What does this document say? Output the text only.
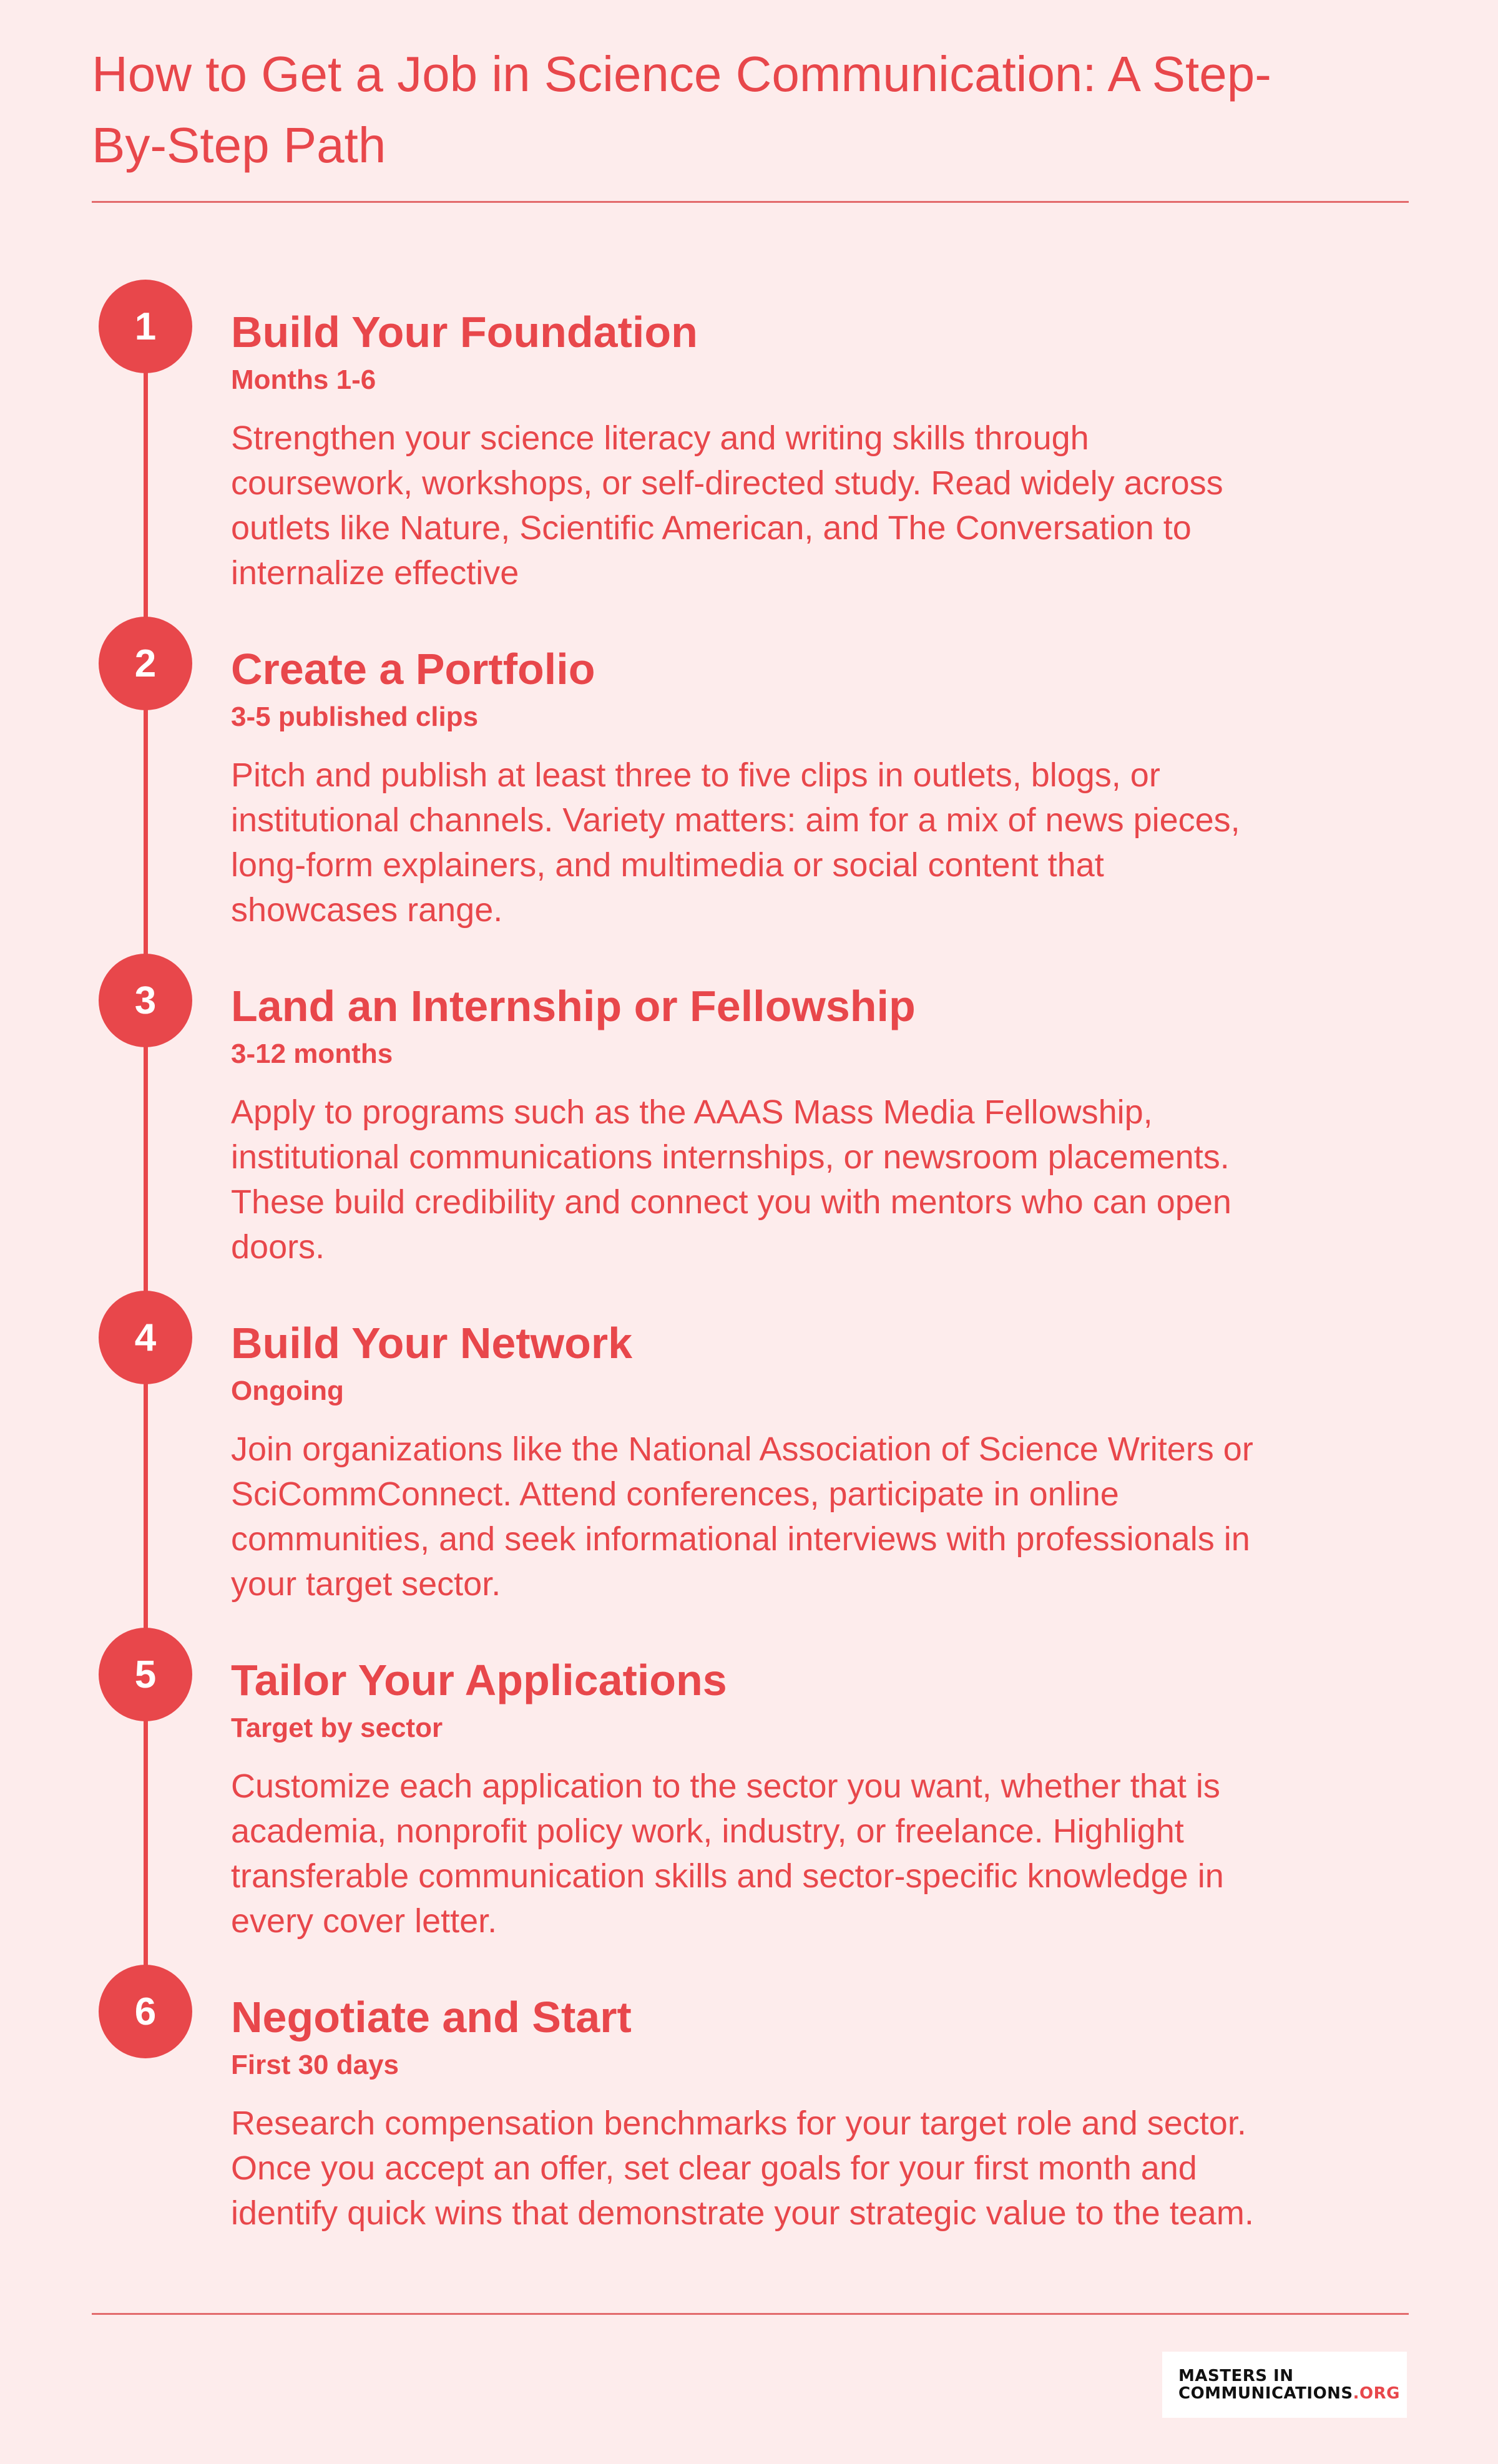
How to Get a Job in Science Communication: A Step-By-Step Path
1	Build Your Foundation
Months 1-6

Strengthen your science literacy and writing skills through coursework, workshops, or self-directed study. Read widely across outlets like Nature, Scientific American, and The Conversation to internalize effective

2	Create a Portfolio
3-5 published clips

Pitch and publish at least three to five clips in outlets, blogs, or institutional channels. Variety matters: aim for a mix of news pieces, long-form explainers, and multimedia or social content that showcases range.

3	Land an Internship or Fellowship
3-12 months

Apply to programs such as the AAAS Mass Media Fellowship, institutional communications internships, or newsroom placements. These build credibility and connect you with mentors who can open doors.

4	Build Your Network
Ongoing

Join organizations like the National Association of Science Writers or SciCommConnect. Attend conferences, participate in online communities, and seek informational interviews with professionals in your target sector.

5	Tailor Your Applications
Target by sector

Customize each application to the sector you want, whether that is academia, nonprofit policy work, industry, or freelance. Highlight transferable communication skills and sector-specific knowledge in every cover letter.

6	Negotiate and Start
First 30 days

Research compensation benchmarks for your target role and sector. Once you accept an offer, set clear goals for your first month and identify quick wins that demonstrate your strategic value to the team.

MASTERS IN
COMMUNICATIONS.ORG
